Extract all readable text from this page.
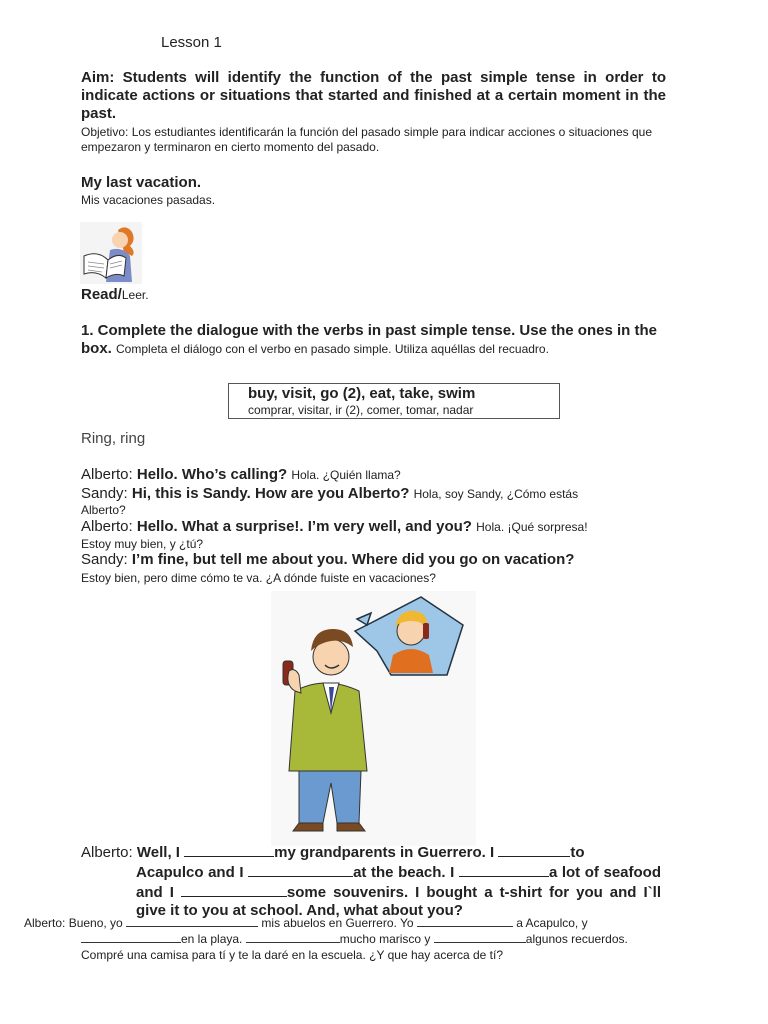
Lesson 1
Aim: Students will identify the function of the past simple tense in order to indicate actions or situations that started and finished at a certain moment in the past.
Objetivo: Los estudiantes identificarán la función del pasado simple para indicar acciones o situaciones que empezaron y terminaron en cierto momento del pasado.
My last vacation.
Mis vacaciones pasadas.
Read/Leer.
1. Complete the dialogue with the verbs in past simple tense. Use the ones in the box. Completa el diálogo con el verbo en pasado simple. Utiliza aquéllas del recuadro.
buy, visit, go (2), eat, take, swim
comprar, visitar, ir (2), comer, tomar, nadar
Ring, ring
Alberto: Hello. Who’s calling? Hola. ¿Quién llama?
Sandy: Hi, this is Sandy. How are you Alberto? Hola, soy Sandy, ¿Cómo estás
Alberto?
Alberto: Hello. What a surprise!. I’m very well, and you? Hola. ¡Qué sorpresa!
Estoy muy bien, y ¿tú?
Sandy: I’m fine, but tell me about you. Where did you go on vacation?
Estoy bien, pero dime cómo te va. ¿A dónde fuiste en vacaciones?
Alberto: Well, I	my grandparents in Guerrero. I	to
Acapulco and I	at the beach. I	a lot of seafood and I	some souvenirs. I bought a t-shirt for you and I`ll give it to you at school. And, what about you?
Alberto: Bueno, yo	mis abuelos en Guerrero. Yo	a Acapulco, y
en la playa.	mucho marisco y	algunos recuerdos.
Compré una camisa para tí y te la daré en la escuela. ¿Y que hay acerca de tí?
